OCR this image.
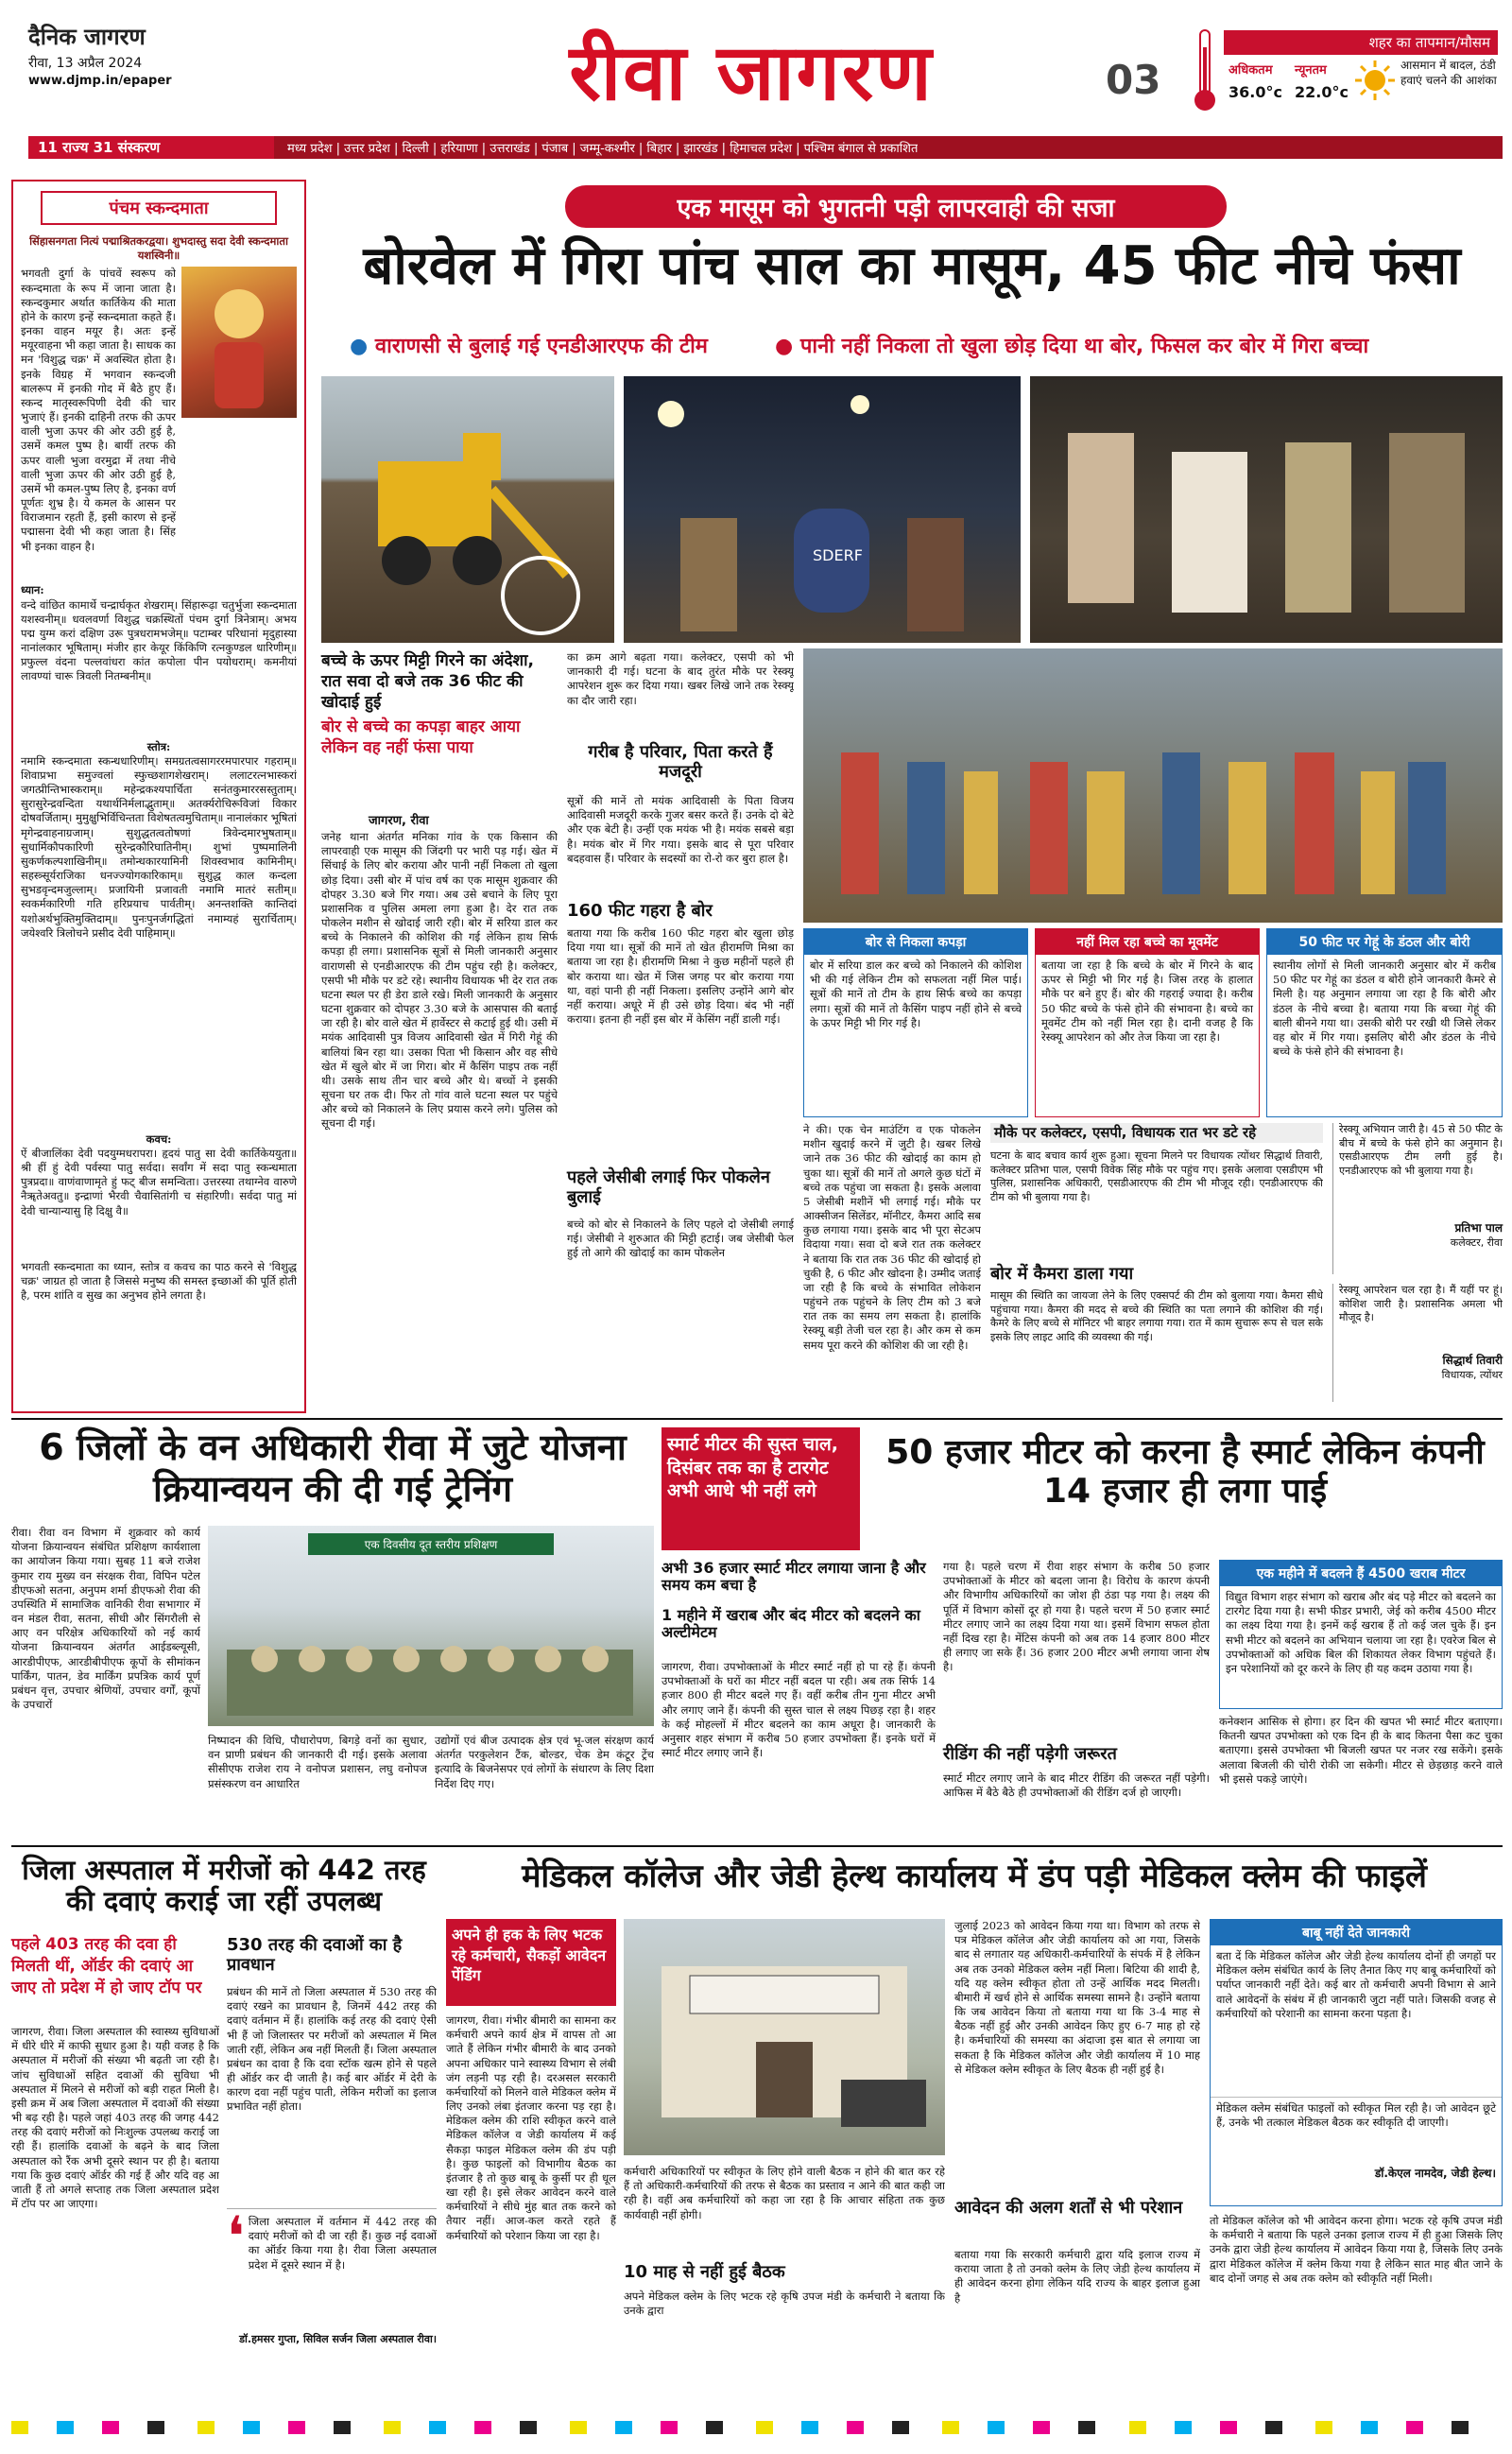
दैनिक जागरण
रीवा, 13 अप्रैल 2024
www.djmp.in/epaper	रीवा जागरण	03
शहर का तापमान/मौसम
अधिकतम न्यूनतम
36.0°c 22.0°c
आसमान में बादल, ठंडी हवाएं चलने की आशंका
11 राज्य 31 संस्करण	मध्य प्रदेश | उत्तर प्रदेश | दिल्ली | हरियाणा | उत्तराखंड | पंजाब | जम्मू-कश्मीर | बिहार | झारखंड | हिमाचल प्रदेश | पश्चिम बंगाल से प्रकाशित
पंचम स्कन्दमाता
सिंहासनगता नित्यं पद्माश्रितकरद्वया। शुभदास्तु सदा देवी स्कन्दमाता यशस्विनी॥
भगवती दुर्गा के पांचवें स्वरूप को स्कन्दमाता के रूप में जाना जाता है। स्कन्दकुमार अर्थात कार्तिकेय की माता होने के कारण इन्हें स्कन्दमाता कहते हैं। इनका वाहन मयूर है। अतः इन्हें मयूरवाहना भी कहा जाता है। साधक का मन 'विशुद्ध चक्र' में अवस्थित होता है। इनके विग्रह में भगवान स्कन्दजी बालरूप में इनकी गोद में बैठे हुए हैं। स्कन्द मातृस्वरूपिणी देवी की चार भुजाएं हैं। इनकी दाहिनी तरफ की ऊपर वाली भुजा ऊपर की ओर उठी हुई है, उसमें कमल पुष्प है। बायीं तरफ की ऊपर वाली भुजा वरमुद्रा में तथा नीचे वाली भुजा ऊपर की ओर उठी हुई है, उसमें भी कमल-पुष्प लिए है, इनका वर्ण पूर्णतः शुभ्र है। ये कमल के आसन पर विराजमान रहती हैं, इसी कारण से इन्हें पद्मासना देवी भी कहा जाता है। सिंह भी इनका वाहन है।
ध्यान:
वन्दे वांछित कामार्थे चन्द्रार्घकृत शेखराम्। सिंहारूढ़ा चतुर्भुजा स्कन्दमाता यशस्वनीम्॥ धवलवर्णा विशुद्ध चक्रस्थितों पंचम दुर्गा त्रिनेत्राम्। अभय पद्म युग्म करां दक्षिण उरू पुत्रधरामभजेम्॥ पटाम्बर परिधानां मृदुहास्या नानांलकार भूषिताम्। मंजीर हार केयूर किंकिणि रत्नकुण्डल धारिणीम्॥ प्रफुल्ल वंदना पल्लवांधरा कांत कपोला पीन पयोधराम्। कमनीयां लावण्यां चारू त्रिवली नितम्बनीम्॥
स्तोत्र:
नमामि स्कन्दमाता स्कन्धधारिणीम्। समग्रतत्वसागररमपारपार गहराम्॥ शिवाप्रभा समुज्वलां स्फुच्छशागशेखराम्। ललाटरत्नभास्करां जगत्प्रीन्तिभास्कराम्॥ महेन्द्रकश्यपार्चिता सनंतकुमाररसस्तुताम्। सुरासुरेन्द्रवन्दिता यथार्थनिर्मलाद्भुताम्॥ अतर्क्यरोचिरूविजां विकार दोषवर्जिताम्। मुमुक्षुभिर्विचिन्तता विशेषतत्वमुचिताम्॥ नानालंकार भूषितां मृगेन्द्रवाहनाग्रजाम्। सुशुद्धतत्वतोषणां त्रिवेन्दमारभुषताम्॥ सुधार्मिकौपकारिणी सुरेन्द्रकौरिघातिनीम्। शुभां पुष्पमालिनी सुकर्णकल्पशाखिनीम्॥ तमोन्धकारयामिनी शिवस्वभाव कामिनीम्। सहस्त्र्सूर्यराजिका धनज्ज्योगकारिकाम्॥ सुशुद्ध काल कन्दला सुभडवृन्दमजुल्लाम्। प्रजायिनी प्रजावती नमामि मातरं सतीम्॥ स्वकर्मकारिणी गति हरिप्रयाच पार्वतीम्। अनन्तशक्ति कान्तिदां यशोअर्थभुक्तिमुक्तिदाम्॥ पुनःपुनर्जगद्धितां नमाम्यहं सुरार्चिताम्। जयेश्वरि त्रिलोचने प्रसीद देवी पाहिमाम्॥
कवच:
ऐं बीजालिंका देवी पदयुग्मधरापरा। हृदयं पातु सा देवी कार्तिकेययुता॥ श्री हीं हुं देवी पर्वस्या पातु सर्वदा। सर्वांग में सदा पातु स्कन्धमाता पुत्रप्रदा॥ वाणंवाणामृते हुं फट् बीज समन्विता। उत्तरस्या तथाग्नेव वारुणे नैॠतेअवतु॥ इन्द्राणां भैरवी चैवासितांगी च संहारिणी। सर्वदा पातु मां देवी चान्यान्यासु हि दिक्षु वै॥
भगवती स्कन्दमाता का ध्यान, स्तोत्र व कवच का पाठ करने से 'विशुद्ध चक्र' जाग्रत हो जाता है जिससे मनुष्य की समस्त इच्छाओं की पूर्ति होती है, परम शांति व सुख का अनुभव होने लगता है।
एक मासूम को भुगतनी पड़ी लापरवाही की सजा
बोरवेल में गिरा पांच साल का मासूम, 45 फीट नीचे फंसा
● वाराणसी से बुलाई गई एनडीआरएफ की टीम	● पानी नहीं निकला तो खुला छोड़ दिया था बोर, फिसल कर बोर में गिरा बच्चा
SDERF
बच्चे के ऊपर मिट्टी गिरने का अंदेशा, रात सवा दो बजे तक 36 फीट की खोदाई हुई
बोर से बच्चे का कपड़ा बाहर आया लेकिन वह नहीं फंसा पाया
जागरण, रीवा
जनेह थाना अंतर्गत मनिका गांव के एक किसान की लापरवाही एक मासूम की जिंदगी पर भारी पड़ गई। खेत में सिंचाई के लिए बोर कराया और पानी नहीं निकला तो खुला छोड़ दिया। उसी बोर में पांच वर्ष का एक मासूम शुक्रवार की दोपहर 3.30 बजे गिर गया। अब उसे बचाने के लिए पूरा प्रशासनिक व पुलिस अमला लगा हुआ है। देर रात तक पोकलेन मशीन से खोदाई जारी रही। बोर में सरिया डाल कर बच्चे के निकालने की कोशिश की गई लेकिन हाथ सिर्फ कपड़ा ही लगा। प्रशासनिक सूत्रों से मिली जानकारी अनुसार वाराणसी से एनडीआरएफ की टीम पहुंच रही है। कलेक्टर, एसपी भी मौके पर डटे रहे। स्थानीय विधायक भी देर रात तक घटना स्थल पर ही डेरा डाले रखे। मिली जानकारी के अनुसार घटना शुक्रवार को दोपहर 3.30 बजे के आसपास की बताई जा रही है। बोर वाले खेत में हार्वेस्टर से कटाई हुई थी। उसी में मयंक आदिवासी पुत्र विजय आदिवासी खेत में गिरी गेहूं की बालियां बिन रहा था। उसका पिता भी किसान और वह सीधे खेत में खुले बोर में जा गिरा। बोर में कैसिंग पाइप तक नहीं थी। उसके साथ तीन चार बच्चे और थे। बच्चों ने इसकी सूचना घर तक दी। फिर तो गांव वाले घटना स्थल पर पहुंचे और बच्चे को निकालने के लिए प्रयास करने लगे। पुलिस को सूचना दी गई।
का क्रम आगे बढ़ता गया। कलेक्टर, एसपी को भी जानकारी दी गई। घटना के बाद तुरंत मौके पर रेस्क्यू आपरेशन शुरू कर दिया गया। खबर लिखे जाने तक रेस्क्यू का दौर जारी रहा।
गरीब है परिवार, पिता करते हैं मजदूरी
सूत्रों की मानें तो मयंक आदिवासी के पिता विजय आदिवासी मजदूरी करके गुजर बसर करते हैं। उनके दो बेटे और एक बेटी है। उन्हीं एक मयंक भी है। मयंक सबसे बड़ा है। मयंक बोर में गिर गया। इसके बाद से पूरा परिवार बदहवास हैं। परिवार के सदस्यों का रो-रो कर बुरा हाल है।
160 फीट गहरा है बोर
बताया गया कि करीब 160 फीट गहरा बोर खुला छोड़ दिया गया था। सूत्रों की मानें तो खेत हीरामणि मिश्रा का बताया जा रहा है। हीरामणि मिश्रा ने कुछ महीनों पहले ही बोर कराया था। खेत में जिस जगह पर बोर कराया गया था, वहां पानी ही नहीं निकला। इसलिए उन्होंने आगे बोर नहीं कराया। अधूरे में ही उसे छोड़ दिया। बंद भी नहीं कराया। इतना ही नहीं इस बोर में केसिंग नहीं डाली गई।
पहले जेसीबी लगाई फिर पोकलेन बुलाई
बच्चे को बोर से निकालने के लिए पहले दो जेसीबी लगाई गई। जेसीबी ने शुरुआत की मिट्टी हटाई। जब जेसीबी फेल हुई तो आगे की खोदाई का काम पोकलेन
बोर से निकला कपड़ा
बोर में सरिया डाल कर बच्चे को निकालने की कोशिश भी की गई लेकिन टीम को सफलता नहीं मिल पाई। सूत्रों की मानें तो टीम के हाथ सिर्फ बच्चे का कपड़ा लगा। सूत्रों की मानें तो कैसिंग पाइप नहीं होने से बच्चे के ऊपर मिट्टी भी गिर गई है।
नहीं मिल रहा बच्चे का मूवमेंट
बताया जा रहा है कि बच्चे के बोर में गिरने के बाद ऊपर से मिट्टी भी गिर गई है। जिस तरह के हालात मौके पर बने हुए हैं। बोर की गहराई ज्यादा है। करीब 50 फीट बच्चे के फंसे होने की संभावना है। बच्चे का मूवमेंट टीम को नहीं मिल रहा है। दानी वजह है कि रेस्क्यू आपरेशन को और तेज किया जा रहा है।
50 फीट पर गेहूं के डंठल और बोरी
स्थानीय लोगों से मिली जानकारी अनुसार बोर में करीब 50 फीट पर गेहूं का डंठल व बोरी होने जानकारी कैमरे से मिली है। यह अनुमान लगाया जा रहा है कि बोरी और डंठल के नीचे बच्चा है। बताया गया कि बच्चा गेहूं की बाली बीनने गया था। उसकी बोरी पर रखी थी जिसे लेकर वह बोर में गिर गया। इसलिए बोरी और डंठल के नीचे बच्चे के फंसे होने की संभावना है।
ने की। एक चेन माउंटिंग व एक पोकलेन मशीन खुदाई करने में जुटी है। खबर लिखे जाने तक 36 फीट की खोदाई का काम हो चुका था। सूत्रों की मानें तो अगले कुछ घंटों में बच्चे तक पहुंचा जा सकता है। इसके अलावा 5 जेसीबी मशीनें भी लगाई गई। मौके पर आक्सीजन सिलेंडर, मॉनीटर, कैमरा आदि सब कुछ लगाया गया। इसके बाद भी पूरा सेटअप विदाया गया। सवा दो बजे रात तक कलेक्टर ने बताया कि रात तक 36 फीट की खोदाई हो चुकी है, 6 फीट और खोदना है। उम्मीद जताई जा रही है कि बच्चे के संभावित लोकेशन पहुंचने तक पहुंचने के लिए टीम को 3 बजे रात तक का समय लग सकता है। हालांकि रेस्क्यू बड़ी तेजी चल रहा है। और कम से कम समय पूरा करने की कोशिश की जा रही है।
मौके पर कलेक्टर, एसपी, विधायक रात भर डटे रहे
घटना के बाद बचाव कार्य शुरू हुआ। सूचना मिलने पर विधायक त्योंथर सिद्धार्थ तिवारी, कलेक्टर प्रतिभा पाल, एसपी विवेक सिंह मौके पर पहुंच गए। इसके अलावा एसडीएम भी पुलिस, प्रशासनिक अधिकारी, एसडीआरएफ की टीम भी मौजूद रही। एनडीआरएफ की टीम को भी बुलाया गया है।
बोर में कैमरा डाला गया
मासूम की स्थिति का जायजा लेने के लिए एक्सपर्ट की टीम को बुलाया गया। कैमरा सीधे पहुंचाया गया। कैमरा की मदद से बच्चे की स्थिति का पता लगाने की कोशिश की गई। कैमरे के लिए बच्चे से मॉनिटर भी बाहर लगाया गया। रात में काम सुचारू रूप से चल सके इसके लिए लाइट आदि की व्यवस्था की गई।
रेस्क्यू अभियान जारी है। 45 से 50 फीट के बीच में बच्चे के फंसे होने का अनुमान है। एसडीआरएफ टीम लगी हुई है। एनडीआरएफ को भी बुलाया गया है।
प्रतिभा पाल
कलेक्टर, रीवा
रेस्क्यू आपरेशन चल रहा है। मैं यहीं पर हूं। कोशिश जारी है। प्रशासनिक अमला भी मौजूद है।
सिद्धार्थ तिवारी
विधायक, त्योंथर
6 जिलों के वन अधिकारी रीवा में जुटे योजना क्रियान्वयन की दी गई ट्रेनिंग
रीवा। रीवा वन विभाग में शुक्रवार को कार्य योजना क्रियान्वयन संबंधित प्रशिक्षण कार्यशाला का आयोजन किया गया। सुबह 11 बजे राजेश कुमार राय मुख्य वन संरक्षक रीवा, विपिन पटेल डीएफओ सतना, अनुपम शर्मा डीएफओ रीवा की उपस्थिति में सामाजिक वानिकी रीवा सभागार में वन मंडल रीवा, सतना, सीधी और सिंगरौली से आए वन परिक्षेत्र अधिकारियों को नई कार्य योजना क्रियान्वयन अंतर्गत आईडब्ल्यूसी, आरडीपीएफ, आरडीबीपीएफ कूपों के सीमांकन पार्किंग, पातन, डेव मार्किंग प्रपत्रिक कार्य पूर्ण प्रबंधन वृत्त, उपचार श्रेणियों, उपचार वर्गों, कूपों के उपचारों
एक दिवसीय दूत स्तरीय प्रशिक्षण
निष्पादन की विधि, पौधारोपण, बिगड़े वनों का सुधार, वन प्राणी प्रबंधन की जानकारी दी गई। इसके अलावा सीसीएफ राजेश राय ने वनोपज प्रशासन, लघु वनोपज प्रसंस्करण वन आधारित
उद्योगों एवं बीज उत्पादक क्षेत्र एवं भू-जल संरक्षण कार्य अंतर्गत परकुलेशन टैंक, बोल्डर, चेक डेम कंटूर ट्रेंच इत्यादि के बिजनेसपर एवं लोगों के संधारण के लिए दिशा निर्देश दिए गए।
स्मार्ट मीटर की सुस्त चाल, दिसंबर तक का है टारगेट अभी आधे भी नहीं लगे
50 हजार मीटर को करना है स्मार्ट लेकिन कंपनी 14 हजार ही लगा पाई
अभी 36 हजार स्मार्ट मीटर लगाया जाना है और समय कम बचा है
1 महीने में खराब और बंद मीटर को बदलने का अल्टीमेटम
जागरण, रीवा। उपभोक्ताओं के मीटर स्मार्ट नहीं हो पा रहे हैं। कंपनी उपभोक्ताओं के घरों का मीटर नहीं बदल पा रही। अब तक सिर्फ 14 हजार 800 ही मीटर बदले गए हैं। वहीं करीब तीन गुना मीटर अभी और लगाए जाने हैं। कंपनी की सुस्त चाल से लक्ष्य पिछड़ रहा है। शहर के कई मोहल्लों में मीटर बदलने का काम अधूरा है। जानकारी के अनुसार शहर संभाग में करीब 50 हजार उपभोक्ता हैं। इनके घरों में स्मार्ट मीटर लगाए जाने हैं।
गया है। पहले चरण में रीवा शहर संभाग के करीब 50 हजार उपभोक्ताओं के मीटर को बदला जाना है। विरोध के कारण कंपनी और विभागीय अधिकारियों का जोश ही ठंडा पड़ गया है। लक्ष्य की पूर्ति में विभाग कोसों दूर हो गया है। पहले चरण में 50 हजार स्मार्ट मीटर लगाए जाने का लक्ष्य दिया गया था। इसमें विभाग सफल होता नहीं दिख रहा है। मेंटिस कंपनी को अब तक 14 हजार 800 मीटर ही लगाए जा सके हैं। 36 हजार 200 मीटर अभी लगाया जाना शेष है।
रीडिंग की नहीं पड़ेगी जरूरत
स्मार्ट मीटर लगाए जाने के बाद मीटर रीडिंग की जरूरत नहीं पड़ेगी। आफिस में बैठे बैठे ही उपभोक्ताओं की रीडिंग दर्ज हो जाएगी।
एक महीने में बदलने हैं 4500 खराब मीटर
विद्युत विभाग शहर संभाग को खराब और बंद पड़े मीटर को बदलने का टारगेट दिया गया है। सभी फीडर प्रभारी, जेई को करीब 4500 मीटर का लक्ष्य दिया गया है। इनमें कई खराब हैं तो कई जल चुके हैं। इन सभी मीटर को बदलने का अभियान चलाया जा रहा है। एवरेज बिल से उपभोक्ताओं को अधिक बिल की शिकायत लेकर विभाग पहुंचते हैं। इन परेशानियों को दूर करने के लिए ही यह कदम उठाया गया है।
कनेक्शन आसिक से होगा। हर दिन की खपत भी स्मार्ट मीटर बताएगा। कितनी खपत उपभोक्ता को एक दिन ही के बाद कितना पैसा कट चुका बताएगा। इससे उपभोक्ता भी बिजली खपत पर नजर रख सकेंगे। इसके अलावा बिजली की चोरी रोकी जा सकेगी। मीटर से छेड़छाड़ करने वाले भी इससे पकड़े जाएंगे।
जिला अस्पताल में मरीजों को 442 तरह की दवाएं कराई जा रहीं उपलब्ध
पहले 403 तरह की दवा ही मिलती थीं, ऑर्डर की दवाएं आ जाए तो प्रदेश में हो जाए टॉप पर
जागरण, रीवा। जिला अस्पताल की स्वास्थ्य सुविधाओं में धीरे धीरे में काफी सुधार हुआ है। यही वजह है कि अस्पताल में मरीजों की संख्या भी बढ़ती जा रही है। जांच सुविधाओं सहित दवाओं की सुविधा भी अस्पताल में मिलने से मरीजों को बड़ी राहत मिली है। इसी क्रम में अब जिला अस्पताल में दवाओं की संख्या भी बढ़ रही है। पहले जहां 403 तरह की जगह 442 तरह की दवाएं मरीजों को निःशुल्क उपलब्ध कराई जा रही हैं। हालांकि दवाओं के बढ़ने के बाद जिला अस्पताल को रैंक अभी दूसरे स्थान पर ही है। बताया गया कि कुछ दवाएं ऑर्डर की गई हैं और यदि वह आ जाती हैं तो अगले सप्ताह तक जिला अस्पताल प्रदेश में टॉप पर आ जाएगा।
530 तरह की दवाओं का है प्रावधान
प्रबंधन की मानें तो जिला अस्पताल में 530 तरह की दवाएं रखने का प्रावधान है, जिनमें 442 तरह की दवाएं वर्तमान में हैं। हालांकि कई तरह की दवाएं ऐसी भी हैं जो जिलास्तर पर मरीजों को अस्पताल में मिल जाती रहीं, लेकिन अब नहीं मिलती हैं। जिला अस्पताल प्रबंधन का दावा है कि दवा स्टॉक खत्म होने से पहले ही ऑर्डर कर दी जाती है। कई बार ऑर्डर में देरी के कारण दवा नहीं पहुंच पाती, लेकिन मरीजों का इलाज प्रभावित नहीं होता।
❛ जिला अस्पताल में वर्तमान में 442 तरह की दवाएं मरीजों को दी जा रही हैं। कुछ नई दवाओं का ऑर्डर किया गया है। रीवा जिला अस्पताल प्रदेश में दूसरे स्थान में है।
डॉ.हमसर गुप्ता, सिविल सर्जन जिला अस्पताल रीवा।
मेडिकल कॉलेज और जेडी हेल्थ कार्यालय में डंप पड़ी मेडिकल क्लेम की फाइलें
अपने ही हक के लिए भटक रहे कर्मचारी, सैकड़ों आवेदन पेंडिंग
जागरण, रीवा। गंभीर बीमारी का सामना कर कर्मचारी अपने कार्य क्षेत्र में वापस तो आ जाते हैं लेकिन गंभीर बीमारी के बाद उनको अपना अधिकार पाने स्वास्थ्य विभाग से लंबी जंग लड़नी पड़ रही है। दरअसल सरकारी कर्मचारियों को मिलने वाले मेडिकल क्लेम में लिए उनको लंबा इंतजार करना पड़ रहा है। मेडिकल क्लेम की राशि स्वीकृत करने वाले मेडिकल कॉलेज व जेडी कार्यालय में कई सैकड़ा फाइल मेडिकल क्लेम की डंप पड़ी है। कुछ फाइलों को विभागीय बैठक का इंतजार है तो कुछ बाबू के कुर्सी पर ही धूल खा रही है। इसे लेकर आवेदन करने वाले कर्मचारियों ने सीधे मुंह बात तक करने को तैयार नहीं। आज-कल करते रहते हैं कर्मचारियों को परेशान किया जा रहा है।
जुलाई 2023 को आवेदन किया गया था। विभाग को तरफ से पत्र मेडिकल कॉलेज और जेडी कार्यालय को आ गया, जिसके बाद से लगातार यह अधिकारी-कर्मचारियों के संपर्क में है लेकिन अब तक उनको मेडिकल क्लेम नहीं मिला। बिटिया की शादी है, यदि यह क्लेम स्वीकृत होता तो उन्हें आर्थिक मदद मिलती। बीमारी में खर्च होने से आर्थिक समस्या सामने है। उन्होंने बताया कि जब आवेदन किया तो बताया गया था कि 3-4 माह से बैठक नहीं हुई और उनकी आवेदन किए हुए 6-7 माह हो रहे है। कर्मचारियों की समस्या का अंदाजा इस बात से लगाया जा सकता है कि मेडिकल कॉलेज और जेडी कार्यालय में 10 माह से मेडिकल क्लेम स्वीकृत के लिए बैठक ही नहीं हुई है।
कर्मचारी अधिकारियों पर स्वीकृत के लिए होने वाली बैठक न होने की बात कर रहे हैं तो अधिकारी-कर्मचारियों की तरफ से बैठक का प्रस्ताव न आने की बात कही जा रही है। वहीं अब कर्मचारियों को कहा जा रहा है कि आचार संहिता तक कुछ कार्यवाही नहीं होगी।
10 माह से नहीं हुई बैठक
अपने मेडिकल क्लेम के लिए भटक रहे कृषि उपज मंडी के कर्मचारी ने बताया कि उनके द्वारा
आवेदन की अलग शर्तों से भी परेशान
बताया गया कि सरकारी कर्मचारी द्वारा यदि इलाज राज्य में कराया जाता है तो उनको क्लेम के लिए जेडी हेल्थ कार्यालय में ही आवेदन करना होगा लेकिन यदि राज्य के बाहर इलाज हुआ है
बाबू नहीं देते जानकारी
बता दें कि मेडिकल कॉलेज और जेडी हेल्थ कार्यालय दोनों ही जगहों पर मेडिकल क्लेम संबंधित कार्य के लिए तैनात किए गए बाबू कर्मचारियों को पर्याप्त जानकारी नहीं देते। कई बार तो कर्मचारी अपनी विभाग से आने वाले आवेदनों के संबंध में ही जानकारी जुटा नहीं पाते। जिसकी वजह से कर्मचारियों को परेशानी का सामना करना पड़ता है।
मेडिकल क्लेम संबंधित फाइलों को स्वीकृत मिल रही है। जो आवेदन छूटे हैं, उनके भी तत्काल मेडिकल बैठक कर स्वीकृति दी जाएगी।
डॉ.केएल नामदेव, जेडी हेल्थ।
तो मेडिकल कॉलेज को भी आवेदन करना होगा। भटक रहे कृषि उपज मंडी के कर्मचारी ने बताया कि पहले उनका इलाज राज्य में ही हुआ जिसके लिए उनके द्वारा जेडी हेल्थ कार्यालय में आवेदन किया गया है, जिसके लिए उनके द्वारा मेडिकल कॉलेज में क्लेम किया गया है लेकिन सात माह बीत जाने के बाद दोनों जगह से अब तक क्लेम को स्वीकृति नहीं मिली।
